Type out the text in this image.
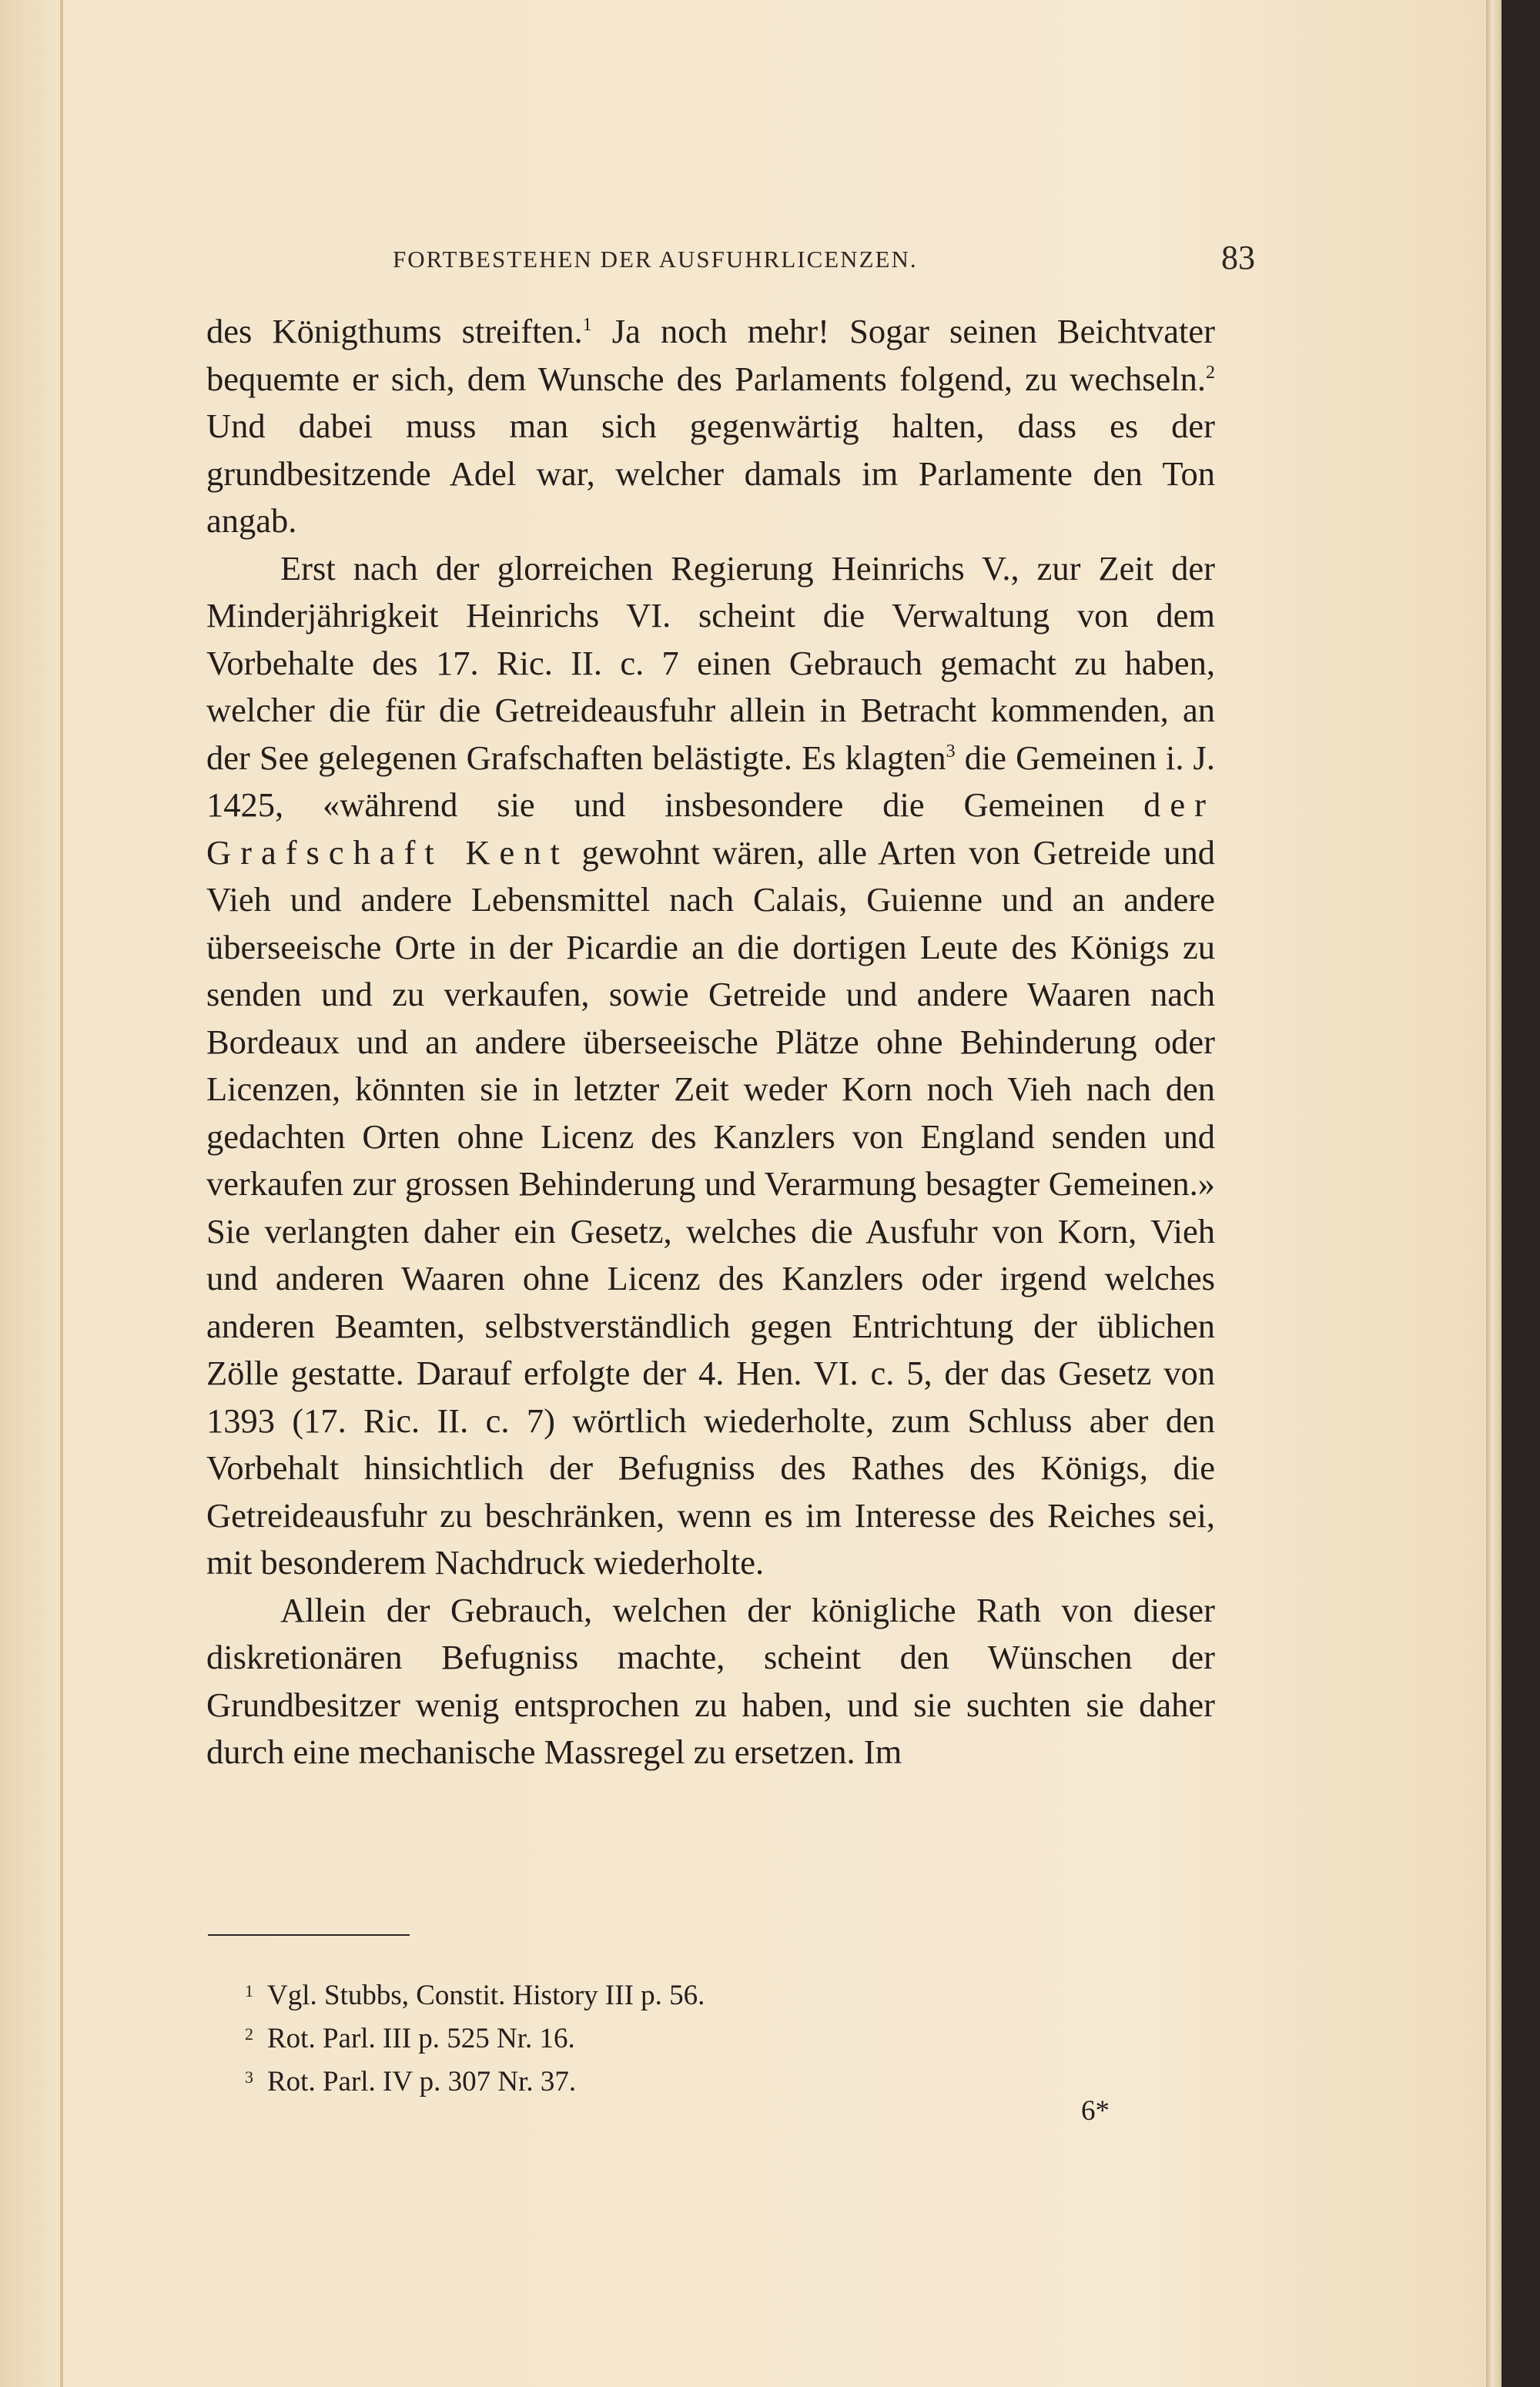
FORTBESTEHEN DER AUSFUHRLICENZEN.	83

des Königthums streiften.$^1$ Ja noch mehr! Sogar seinen Beichtvater bequemte er sich, dem Wunsche des Parlaments folgend, zu wechseln.$^2$ Und dabei muss man sich gegenwärtig halten, dass es der grundbesitzende Adel war, welcher damals im Parlamente den Ton angab.

Erst nach der glorreichen Regierung Heinrichs V., zur Zeit der Minderjährigkeit Heinrichs VI. scheint die Verwaltung von dem Vorbehalte des 17. Ric. II. c. 7 einen Gebrauch gemacht zu haben, welcher die für die Getreideausfuhr allein in Betracht kommenden, an der See gelegenen Grafschaften belästigte. Es klagten$^3$ die Gemeinen i. J. 1425, «während sie und insbesondere die Gemeinen der Grafschaft Kent gewohnt wären, alle Arten von Getreide und Vieh und andere Lebensmittel nach Calais, Guienne und an andere überseeische Orte in der Picardie an die dortigen Leute des Königs zu senden und zu verkaufen, sowie Getreide und andere Waaren nach Bordeaux und an andere überseeische Plätze ohne Behinderung oder Licenzen, könnten sie in letzter Zeit weder Korn noch Vieh nach den gedachten Orten ohne Licenz des Kanzlers von England senden und verkaufen zur grossen Behinderung und Verarmung besagter Gemeinen.» Sie verlangten daher ein Gesetz, welches die Ausfuhr von Korn, Vieh und anderen Waaren ohne Licenz des Kanzlers oder irgend welches anderen Beamten, selbstverständlich gegen Entrichtung der üblichen Zölle gestatte. Darauf erfolgte der 4. Hen. VI. c. 5, der das Gesetz von 1393 (17. Ric. II. c. 7) wörtlich wiederholte, zum Schluss aber den Vorbehalt hinsichtlich der Befugniss des Rathes des Königs, die Getreideausfuhr zu beschränken, wenn es im Interesse des Reiches sei, mit besonderem Nachdruck wiederholte.

Allein der Gebrauch, welchen der königliche Rath von dieser diskretionären Befugniss machte, scheint den Wünschen der Grundbesitzer wenig entsprochen zu haben, und sie suchten sie daher durch eine mechanische Massregel zu ersetzen. Im

$^1$ Vgl. Stubbs, Constit. History III p. 56.
$^2$ Rot. Parl. III p. 525 Nr. 16.
$^3$ Rot. Parl. IV p. 307 Nr. 37.
6*
